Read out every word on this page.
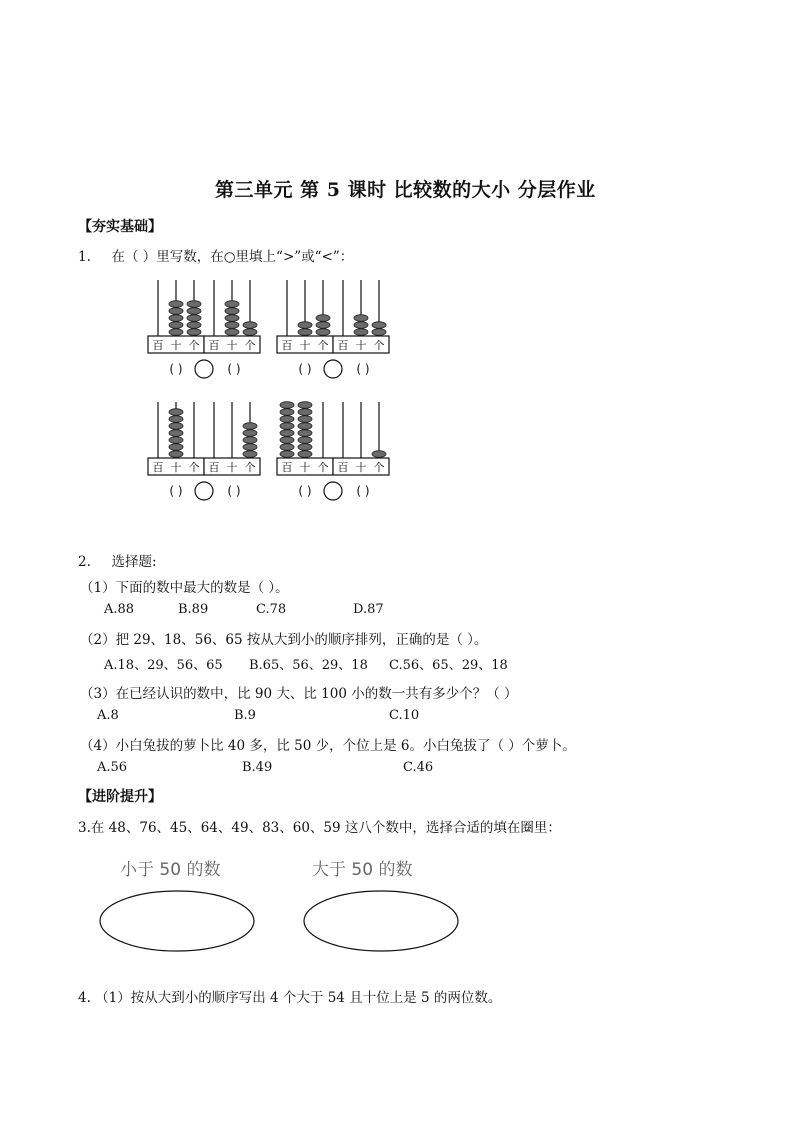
第三单元 第 5 课时 比较数的大小 分层作业
【夯实基础】
1. 在（ ）里写数，在○里填上“>”或“<”：
百 十 个 百 十 个 百 十 个 百 十 个
百 十 个 百 十 个 百 十 个 百 十 个
( )	( )	( )	( )
( )	( )	( )	( )
2. 选择题:
（1）下面的数中最大的数是（ ）。
A.88	B.89	C.78	D.87
（2）把 29、18、56、65 按从大到小的顺序排列，正确的是（ ）。
A.18、29、56、65 B.65、56、29、18 C.56、65、29、18
（3）在已经认识的数中，比 90 大、比 100 小的数一共有多少个？（ ）
A.8	B.9	C.10
（4）小白兔拔的萝卜比 40 多，比 50 少，个位上是 6。小白兔拔了（ ）个萝卜。
A.56	B.49	C.46
【进阶提升】
3.在 48、76、45、64、49、83、60、59 这八个数中，选择合适的填在圈里：
小于 50 的数	大于 50 的数
4. （1）按从大到小的顺序写出 4 个大于 54 且十位上是 5 的两位数。
